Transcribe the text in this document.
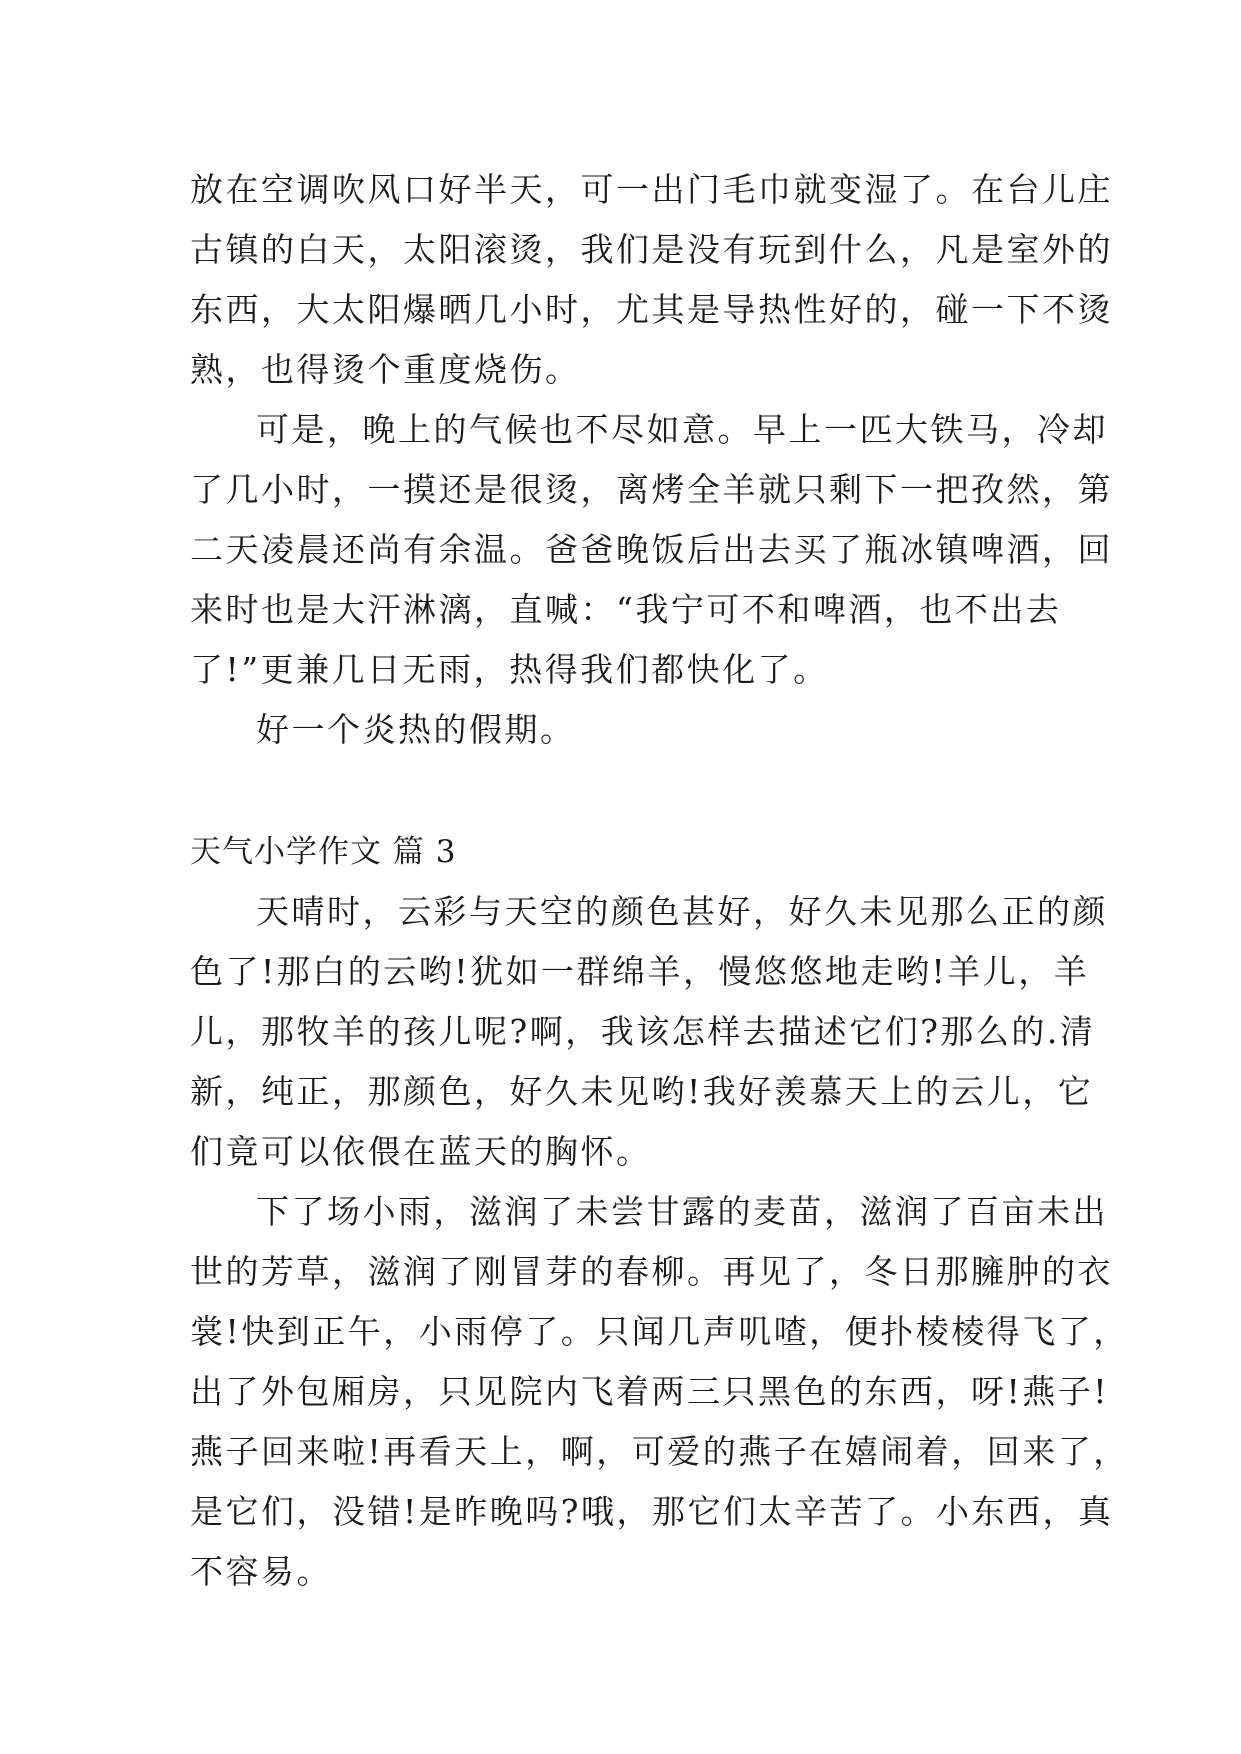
放在空调吹风口好半天，可一出门毛巾就变湿了。在台儿庄
古镇的白天，太阳滚烫，我们是没有玩到什么，凡是室外的
东西，大太阳爆晒几小时，尤其是导热性好的，碰一下不烫
熟，也得烫个重度烧伤。
可是，晚上的气候也不尽如意。早上一匹大铁马，冷却
了几小时，一摸还是很烫，离烤全羊就只剩下一把孜然，第
二天凌晨还尚有余温。爸爸晚饭后出去买了瓶冰镇啤酒，回
来时也是大汗淋漓，直喊：“我宁可不和啤酒，也不出去
了!”更兼几日无雨，热得我们都快化了。
好一个炎热的假期。
天气小学作文 篇 3
天晴时，云彩与天空的颜色甚好，好久未见那么正的颜
色了!那白的云哟!犹如一群绵羊，慢悠悠地走哟!羊儿，羊
儿，那牧羊的孩儿呢?啊，我该怎样去描述它们?那么的.清
新，纯正，那颜色，好久未见哟!我好羡慕天上的云儿，它
们竟可以依偎在蓝天的胸怀。
下了场小雨，滋润了未尝甘露的麦苗，滋润了百亩未出
世的芳草，滋润了刚冒芽的春柳。再见了，冬日那臃肿的衣
裳!快到正午，小雨停了。只闻几声叽喳，便扑棱棱得飞了，
出了外包厢房，只见院内飞着两三只黑色的东西，呀!燕子!
燕子回来啦!再看天上，啊，可爱的燕子在嬉闹着，回来了，
是它们，没错!是昨晚吗?哦，那它们太辛苦了。小东西，真
不容易。
